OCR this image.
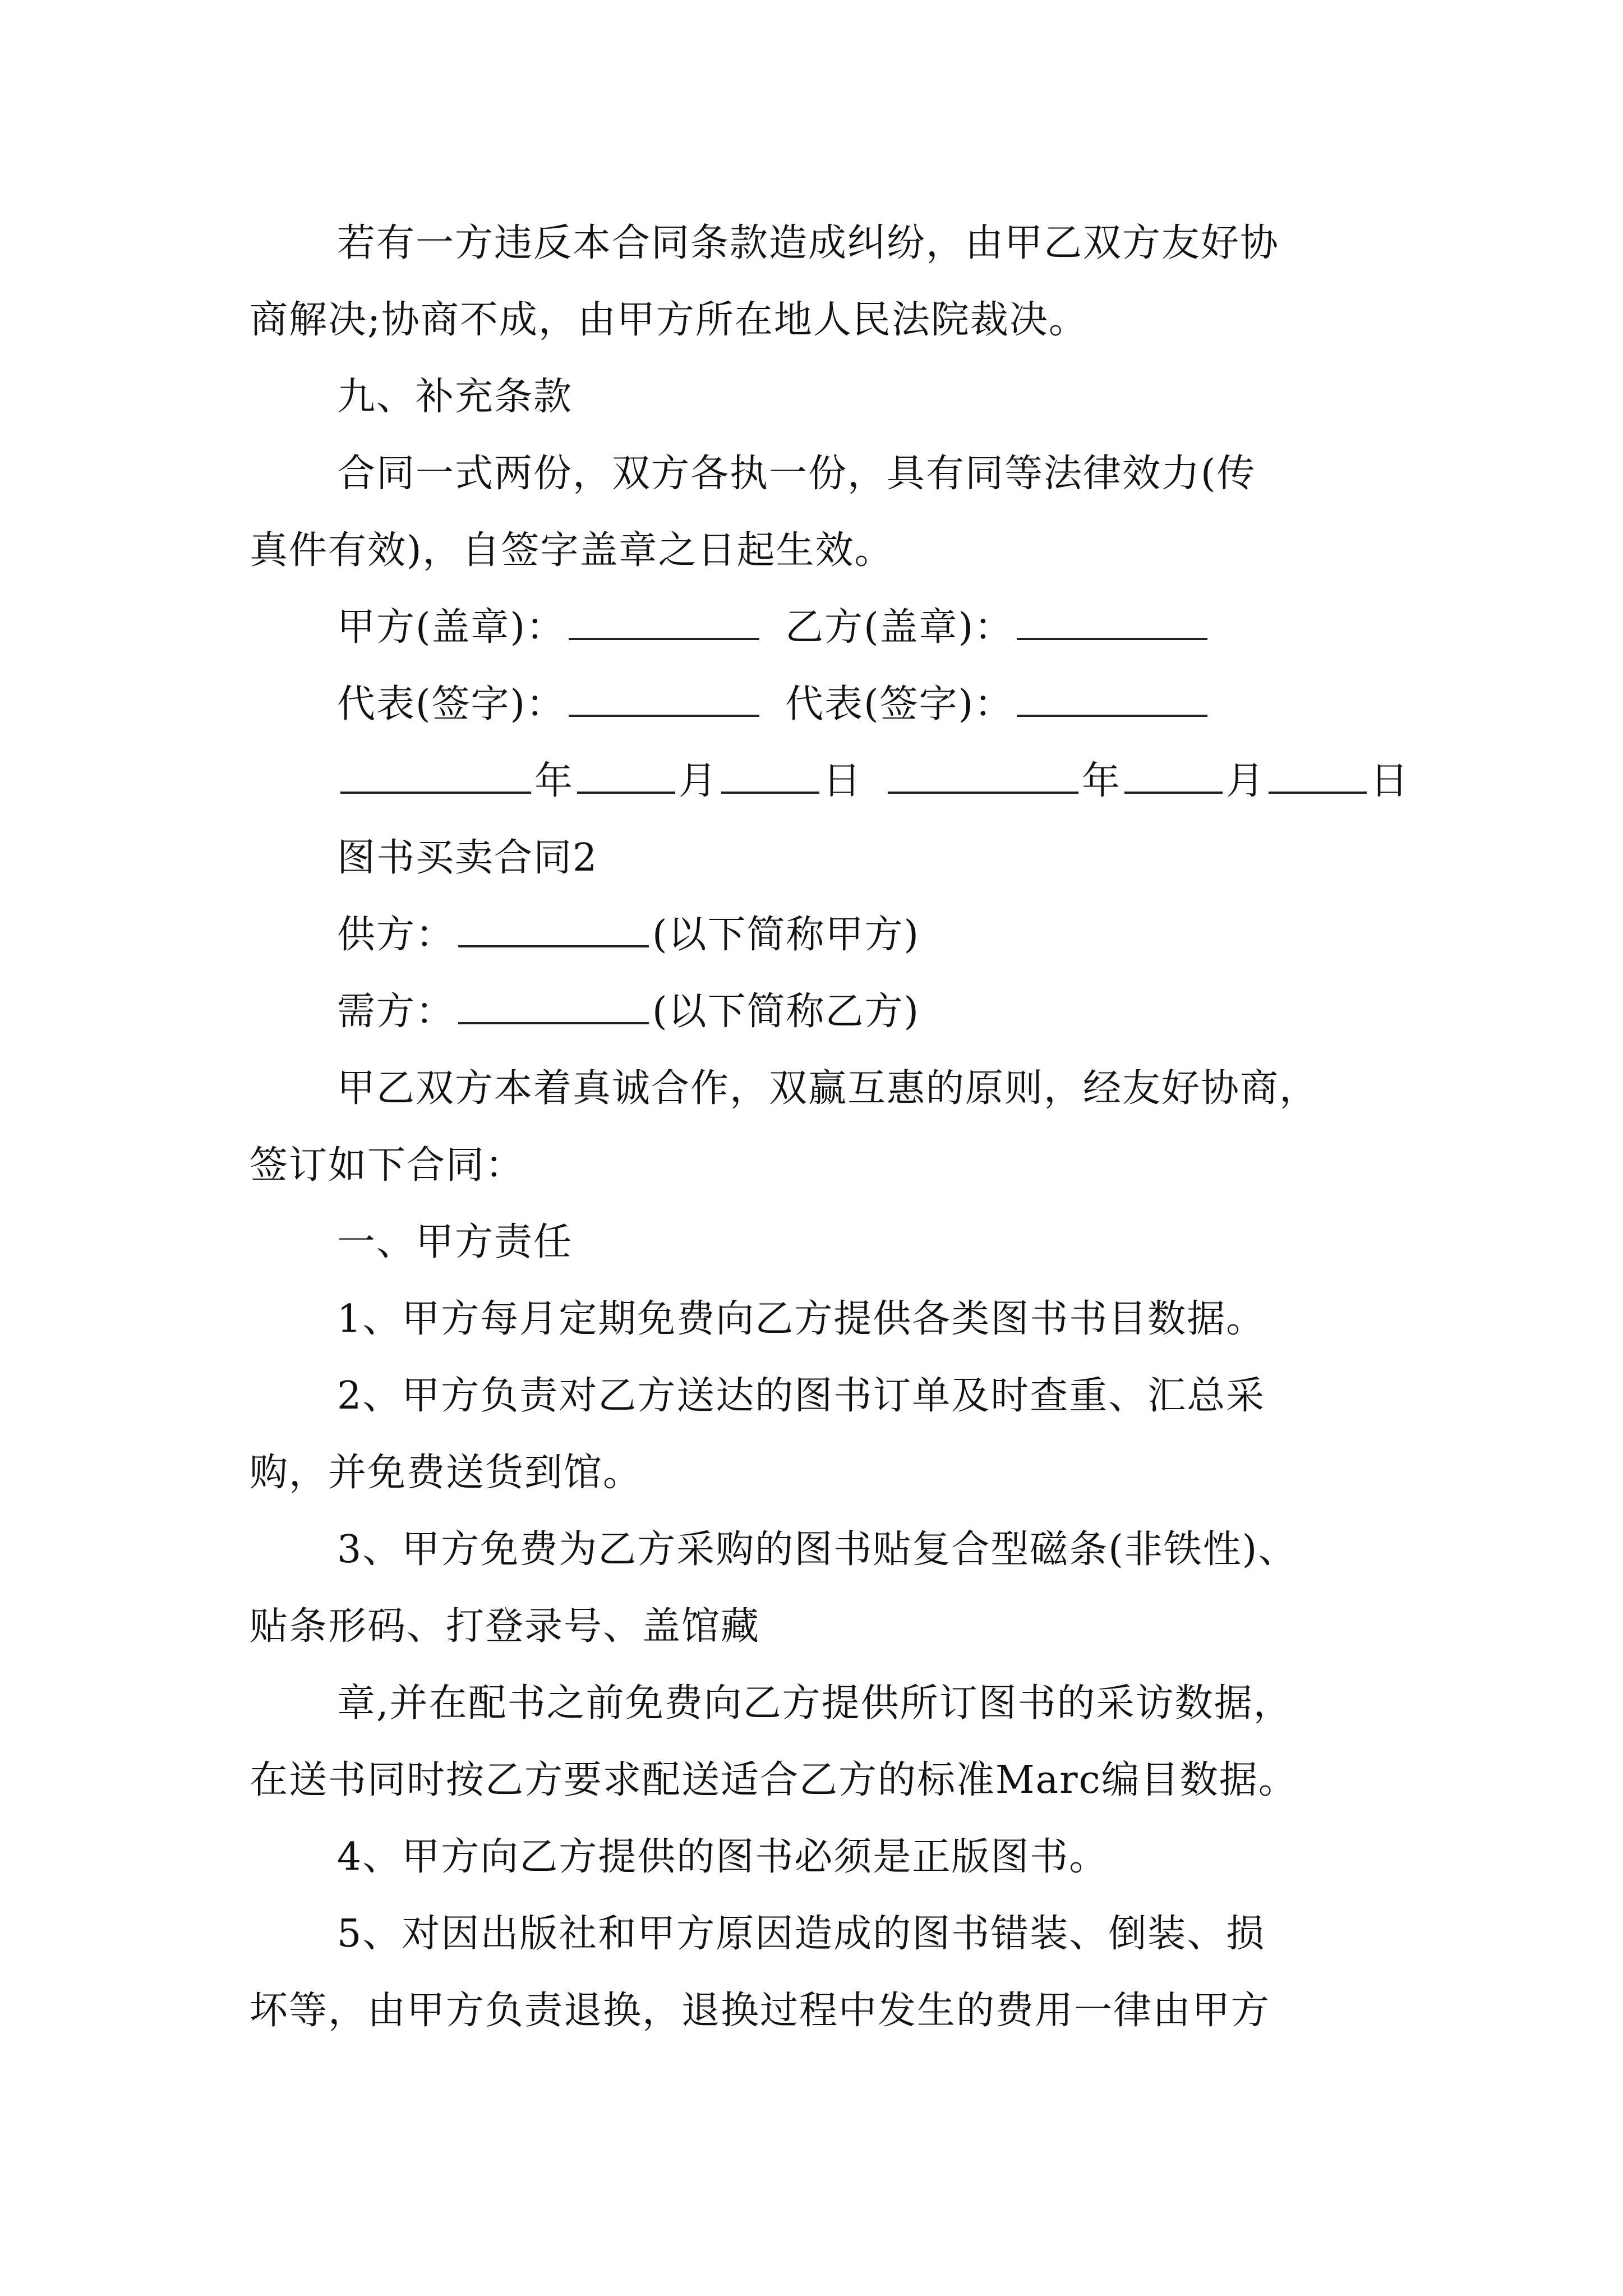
若有一方违反本合同条款造成纠纷，由甲乙双方友好协
商解决;协商不成，由甲方所在地人民法院裁决。
九、补充条款
合同一式两份，双方各执一份，具有同等法律效力(传
真件有效)，自签字盖章之日起生效。
甲方(盖章)：	乙方(盖章)：
代表(签字)：	代表(签字)：
年	月	日	年	月	日
图书买卖合同2
供方：	(以下简称甲方)
需方：	(以下简称乙方)
甲乙双方本着真诚合作，双赢互惠的原则，经友好协商，
签订如下合同：
一、甲方责任
1、甲方每月定期免费向乙方提供各类图书书目数据。
2、甲方负责对乙方送达的图书订单及时查重、汇总采
购，并免费送货到馆。
3、甲方免费为乙方采购的图书贴复合型磁条(非铁性)、
贴条形码、打登录号、盖馆藏
章,并在配书之前免费向乙方提供所订图书的采访数据，
在送书同时按乙方要求配送适合乙方的标准Marc编目数据。
4、甲方向乙方提供的图书必须是正版图书。
5、对因出版社和甲方原因造成的图书错装、倒装、损
坏等，由甲方负责退换，退换过程中发生的费用一律由甲方
